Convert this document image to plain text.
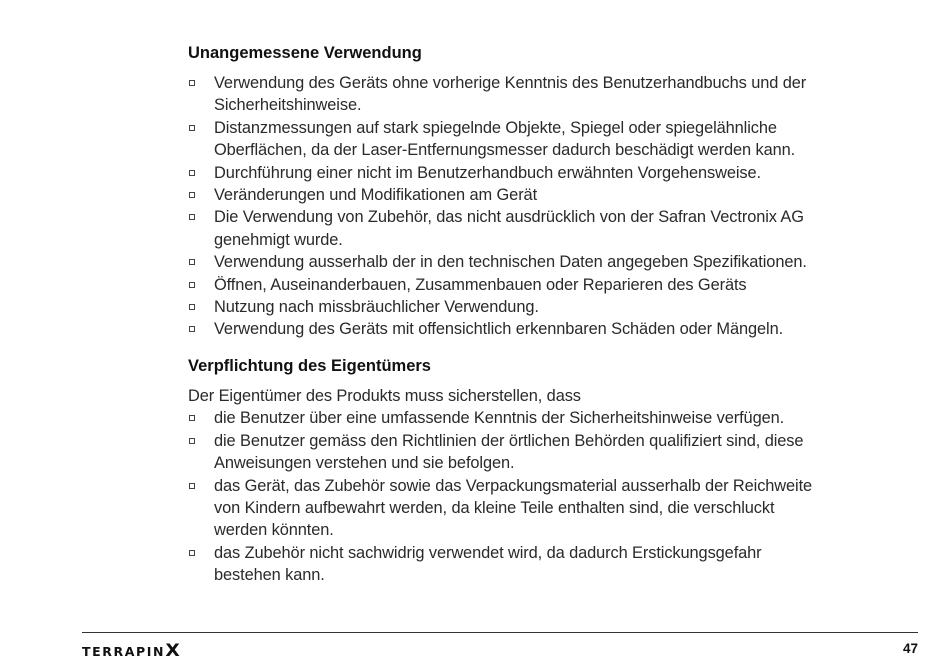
Unangemessene Verwendung
Verwendung des Geräts ohne vorherige Kenntnis des Benutzerhandbuchs und der
Sicherheitshinweise.
Distanzmessungen auf stark spiegelnde Objekte, Spiegel oder spiegelähnliche
Oberflächen, da der Laser-Entfernungsmesser dadurch beschädigt werden kann.
Durchführung einer nicht im Benutzerhandbuch erwähnten Vorgehensweise.
Veränderungen und Modifikationen am Gerät
Die Verwendung von Zubehör, das nicht ausdrücklich von der Safran Vectronix AG
genehmigt wurde.
Verwendung ausserhalb der in den technischen Daten angegeben Spezifikationen.
Öffnen, Auseinanderbauen, Zusammenbauen oder Reparieren des Geräts
Nutzung nach missbräuchlicher Verwendung.
Verwendung des Geräts mit offensichtlich erkennbaren Schäden oder Mängeln.
Verpflichtung des Eigentümers

Der Eigentümer des Produkts muss sicherstellen, dass

die Benutzer über eine umfassende Kenntnis der Sicherheitshinweise verfügen.
die Benutzer gemäss den Richtlinien der örtlichen Behörden qualifiziert sind, diese
Anweisungen verstehen und sie befolgen.
das Gerät, das Zubehör sowie das Verpackungsmaterial ausserhalb der Reichweite
von Kindern aufbewahrt werden, da kleine Teile enthalten sind, die verschluckt
werden könnten.
das Zubehör nicht sachwidrig verwendet wird, da dadurch Erstickungsgefahr
bestehen kann.
TERRAPIN X	47
